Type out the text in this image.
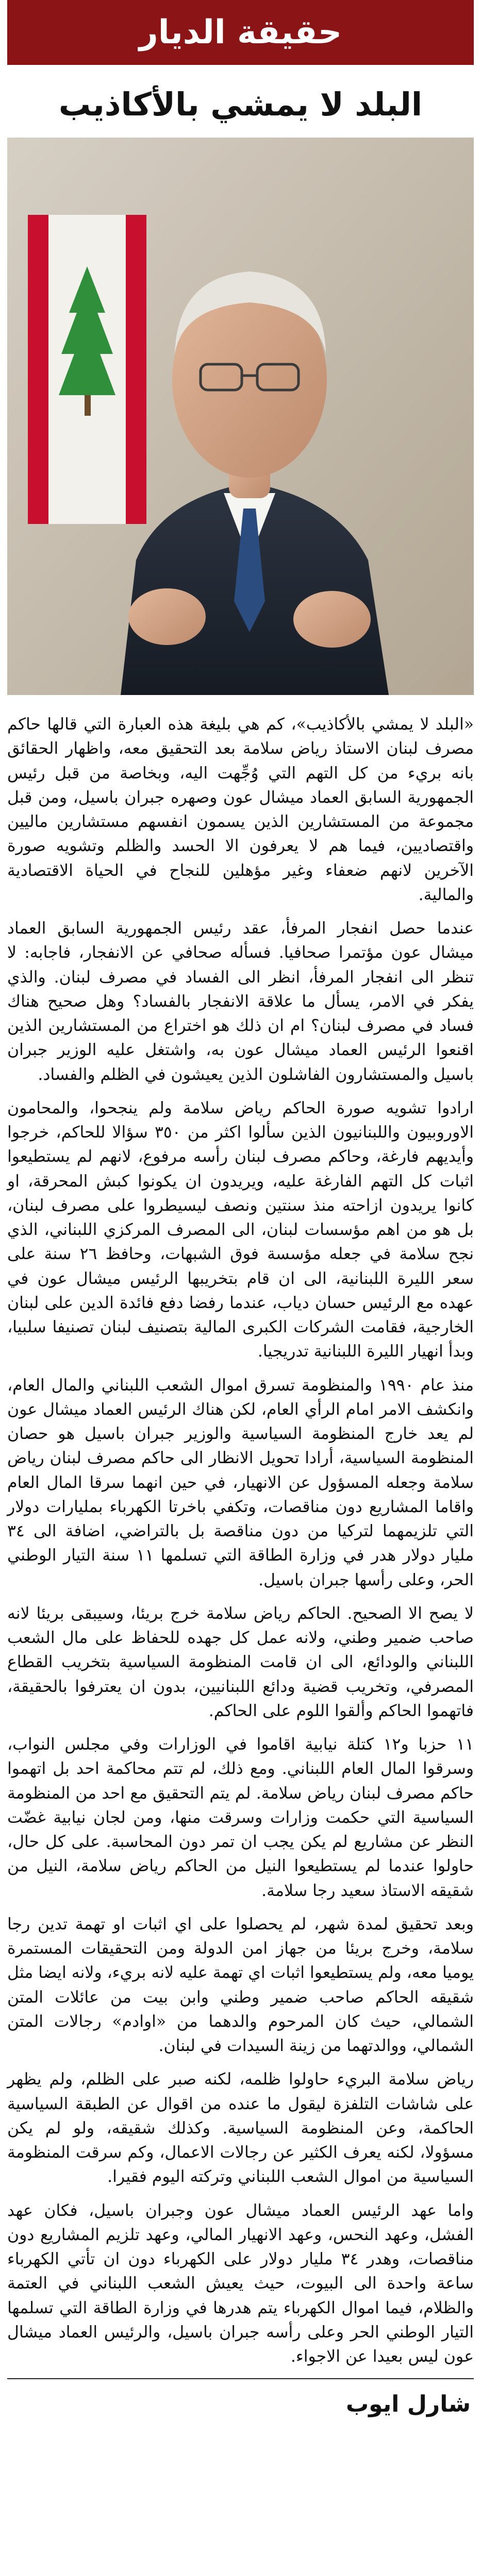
حقيقة الديار
البلد لا يمشي بالأكاذيب

«البلد لا يمشي بالأكاذيب»، كم هي بليغة هذه العبارة التي قالها حاكم مصرف لبنان الاستاذ رياض سلامة بعد التحقيق معه، واظهار الحقائق بانه بريء من كل التهم التي وُجِّهت اليه، وبخاصة من قبل رئيس الجمهورية السابق العماد ميشال عون وصهره جبران باسيل، ومن قبل مجموعة من المستشارين الذين يسمون انفسهم مستشارين ماليين واقتصاديين، فيما هم لا يعرفون الا الحسد والظلم وتشويه صورة الآخرين لانهم ضعفاء وغير مؤهلين للنجاح في الحياة الاقتصادية والمالية.

عندما حصل انفجار المرفأ، عقد رئيس الجمهورية السابق العماد ميشال عون مؤتمرا صحافيا. فسأله صحافي عن الانفجار، فاجابه: لا تنظر الى انفجار المرفأ، انظر الى الفساد في مصرف لبنان. والذي يفكر في الامر، يسأل ما علاقة الانفجار بالفساد؟ وهل صحيح هناك فساد في مصرف لبنان؟ ام ان ذلك هو اختراع من المستشارين الذين اقنعوا الرئيس العماد ميشال عون به، واشتغل عليه الوزير جبران باسيل والمستشارون الفاشلون الذين يعيشون في الظلم والفساد.

ارادوا تشويه صورة الحاكم رياض سلامة ولم ينجحوا، والمحامون الاوروبيون واللبنانيون الذين سألوا اكثر من ٣٥٠ سؤالا للحاكم، خرجوا وأيديهم فارغة، وحاكم مصرف لبنان رأسه مرفوع، لانهم لم يستطيعوا اثبات كل التهم الفارغة عليه، ويريدون ان يكونوا كبش المحرقة، او كانوا يريدون ازاحته منذ سنتين ونصف ليسيطروا على مصرف لبنان، بل هو من اهم مؤسسات لبنان، الى المصرف المركزي اللبناني، الذي نجح سلامة في جعله مؤسسة فوق الشبهات، وحافظ ٢٦ سنة على سعر الليرة اللبنانية، الى ان قام بتخريبها الرئيس ميشال عون في عهده مع الرئيس حسان دياب، عندما رفضا دفع فائدة الدين على لبنان الخارجية، فقامت الشركات الكبرى المالية بتصنيف لبنان تصنيفا سلبيا، وبدأ انهيار الليرة اللبنانية تدريجيا.

منذ عام ١٩٩٠ والمنظومة تسرق اموال الشعب اللبناني والمال العام، وانكشف الامر امام الرأي العام، لكن هناك الرئيس العماد ميشال عون لم يعد خارج المنظومة السياسية والوزير جبران باسيل هو حصان المنظومة السياسية، أرادا تحويل الانظار الى حاكم مصرف لبنان رياض سلامة وجعله المسؤول عن الانهيار، في حين انهما سرقا المال العام واقاما المشاريع دون مناقصات، وتكفي باخرتا الكهرباء بمليارات دولار التي تلزيمهما لتركيا من دون مناقصة بل بالتراضي، اضافة الى ٣٤ مليار دولار هدر في وزارة الطاقة التي تسلمها ١١ سنة التيار الوطني الحر، وعلى رأسها جبران باسيل.

لا يصح الا الصحيح. الحاكم رياض سلامة خرج بريئا، وسيبقى بريئا لانه صاحب ضمير وطني، ولانه عمل كل جهده للحفاظ على مال الشعب اللبناني والودائع، الى ان قامت المنظومة السياسية بتخريب القطاع المصرفي، وتخريب قضية ودائع اللبنانيين، بدون ان يعترفوا بالحقيقة، فاتهموا الحاكم وألقوا اللوم على الحاكم.

١١ حزبا و١٢ كتلة نيابية اقاموا في الوزارات وفي مجلس النواب، وسرقوا المال العام اللبناني. ومع ذلك، لم تتم محاكمة احد بل اتهموا حاكم مصرف لبنان رياض سلامة. لم يتم التحقيق مع احد من المنظومة السياسية التي حكمت وزارات وسرقت منها، ومن لجان نيابية غضّت النظر عن مشاريع لم يكن يجب ان تمر دون المحاسبة. على كل حال، حاولوا عندما لم يستطيعوا النيل من الحاكم رياض سلامة، النيل من شقيقه الاستاذ سعيد رجا سلامة.

وبعد تحقيق لمدة شهر، لم يحصلوا على اي اثبات او تهمة تدين رجا سلامة، وخرج بريئا من جهاز امن الدولة ومن التحقيقات المستمرة يوميا معه، ولم يستطيعوا اثبات اي تهمة عليه لانه بريء، ولانه ايضا مثل شقيقه الحاكم صاحب ضمير وطني وابن بيت من عائلات المتن الشمالي، حيث كان المرحوم والدهما من «اوادم» رجالات المتن الشمالي، ووالدتهما من زينة السيدات في لبنان.

رياض سلامة البريء حاولوا ظلمه، لكنه صبر على الظلم، ولم يظهر على شاشات التلفزة ليقول ما عنده من اقوال عن الطبقة السياسية الحاكمة، وعن المنظومة السياسية. وكذلك شقيقه، ولو لم يكن مسؤولا، لكنه يعرف الكثير عن رجالات الاعمال، وكم سرقت المنظومة السياسية من اموال الشعب اللبناني وتركته اليوم فقيرا.

واما عهد الرئيس العماد ميشال عون وجبران باسيل، فكان عهد الفشل، وعهد النحس، وعهد الانهيار المالي، وعهد تلزيم المشاريع دون مناقصات، وهدر ٣٤ مليار دولار على الكهرباء دون ان تأتي الكهرباء ساعة واحدة الى البيوت، حيث يعيش الشعب اللبناني في العتمة والظلام، فيما اموال الكهرباء يتم هدرها في وزارة الطاقة التي تسلمها التيار الوطني الحر وعلى رأسه جبران باسيل، والرئيس العماد ميشال عون ليس بعيدا عن الاجواء.

شارل ايوب
